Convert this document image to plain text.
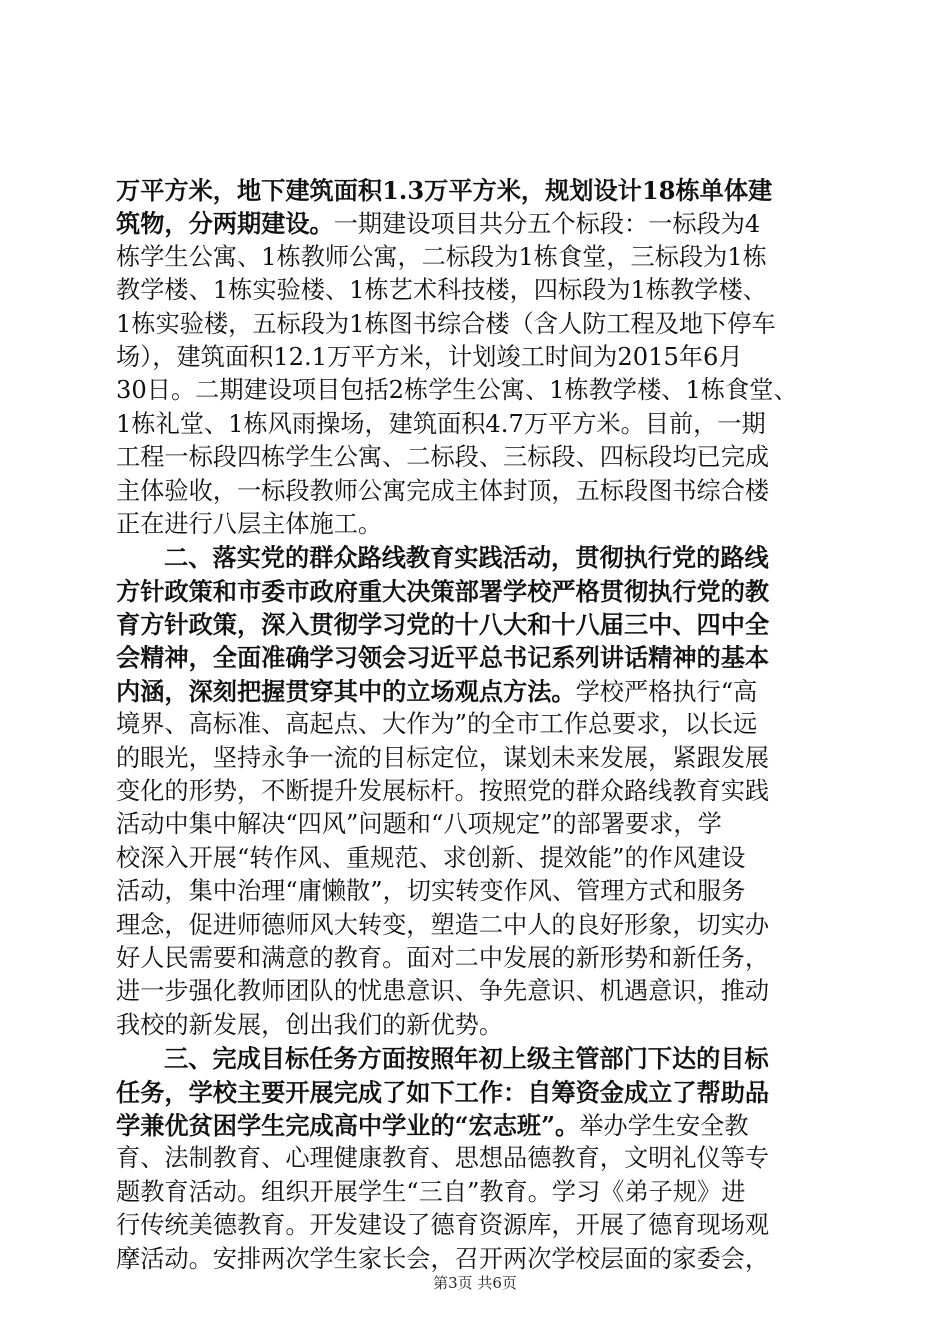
万平方米，地下建筑面积1.3万平方米，规划设计18栋单体建
筑物，分两期建设。一期建设项目共分五个标段：一标段为4
栋学生公寓、1栋教师公寓，二标段为1栋食堂，三标段为1栋
教学楼、1栋实验楼、1栋艺术科技楼，四标段为1栋教学楼、
1栋实验楼，五标段为1栋图书综合楼（含人防工程及地下停车
场），建筑面积12.1万平方米，计划竣工时间为2015年6月
30日。二期建设项目包括2栋学生公寓、1栋教学楼、1栋食堂、
1栋礼堂、1栋风雨操场，建筑面积4.7万平方米。目前，一期
工程一标段四栋学生公寓、二标段、三标段、四标段均已完成
主体验收，一标段教师公寓完成主体封顶，五标段图书综合楼
正在进行八层主体施工。
二、落实党的群众路线教育实践活动，贯彻执行党的路线
方针政策和市委市政府重大决策部署学校严格贯彻执行党的教
育方针政策，深入贯彻学习党的十八大和十八届三中、四中全
会精神，全面准确学习领会习近平总书记系列讲话精神的基本
内涵，深刻把握贯穿其中的立场观点方法。学校严格执行“高
境界、高标准、高起点、大作为”的全市工作总要求，以长远
的眼光，坚持永争一流的目标定位，谋划未来发展，紧跟发展
变化的形势，不断提升发展标杆。按照党的群众路线教育实践
活动中集中解决“四风”问题和“八项规定”的部署要求，学
校深入开展“转作风、重规范、求创新、提效能”的作风建设
活动，集中治理“庸懒散”，切实转变作风、管理方式和服务
理念，促进师德师风大转变，塑造二中人的良好形象，切实办
好人民需要和满意的教育。面对二中发展的新形势和新任务，
进一步强化教师团队的忧患意识、争先意识、机遇意识，推动
我校的新发展，创出我们的新优势。
三、完成目标任务方面按照年初上级主管部门下达的目标
任务，学校主要开展完成了如下工作：自筹资金成立了帮助品
学兼优贫困学生完成高中学业的“宏志班”。举办学生安全教
育、法制教育、心理健康教育、思想品德教育，文明礼仪等专
题教育活动。组织开展学生“三自”教育。学习《弟子规》进
行传统美德教育。开发建设了德育资源库，开展了德育现场观
摩活动。安排两次学生家长会，召开两次学校层面的家委会，
第3页 共6页
